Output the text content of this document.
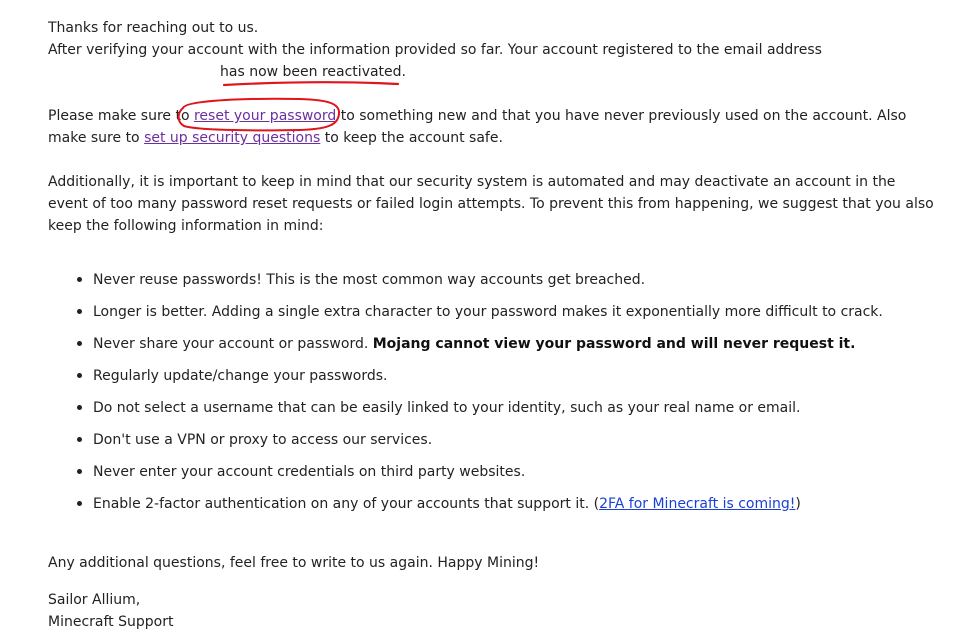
Thanks for reaching out to us.

After verifying your account with the information provided so far. Your account registered to the email address

has now been reactivated.

Please make sure to reset your password to something new and that you have never previously used on the account. Also make sure to set up security questions to keep the account safe.

Additionally, it is important to keep in mind that our security system is automated and may deactivate an account in the event of too many password reset requests or failed login attempts. To prevent this from happening, we suggest that you also keep the following information in mind:

Never reuse passwords! This is the most common way accounts get breached.
Longer is better. Adding a single extra character to your password makes it exponentially more difficult to crack.
Never share your account or password. Mojang cannot view your password and will never request it.
Regularly update/change your passwords.
Do not select a username that can be easily linked to your identity, such as your real name or email.
Don't use a VPN or proxy to access our services.
Never enter your account credentials on third party websites.
Enable 2-factor authentication on any of your accounts that support it. (2FA for Minecraft is coming!)

Any additional questions, feel free to write to us again. Happy Mining!

Sailor Allium,

Minecraft Support
